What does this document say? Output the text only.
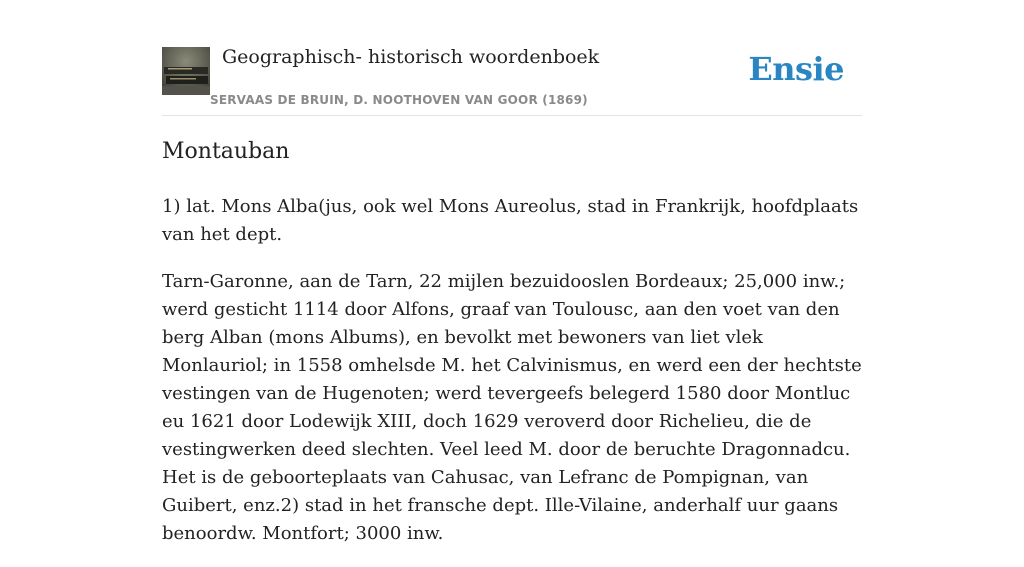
Geographisch- historisch woordenboek
SERVAAS DE BRUIN, D. NOOTHOVEN VAN GOOR (1869)
Ensie
Montauban

1) lat. Mons Alba(jus, ook wel Mons Aureolus, stad in Frankrijk, hoofdplaats van het dept.

Tarn-Garonne, aan de Tarn, 22 mijlen bezuidooslen Bordeaux; 25,000 inw.; werd gesticht 1114 door Alfons, graaf van Toulousc, aan den voet van den berg Alban (mons Albums), en bevolkt met bewoners van liet vlek Monlauriol; in 1558 omhelsde M. het Calvinismus, en werd een der hechtste vestingen van de Hugenoten; werd tevergeefs belegerd 1580 door Montluc eu 1621 door Lodewijk XIII, doch 1629 veroverd door Richelieu, die de vestingwerken deed slechten. Veel leed M. door de beruchte Dragonnadcu. Het is de geboorteplaats van Cahusac, van Lefranc de Pompignan, van Guibert, enz.2) stad in het fransche dept. Ille-Vilaine, anderhalf uur gaans benoordw. Montfort; 3000 inw.
